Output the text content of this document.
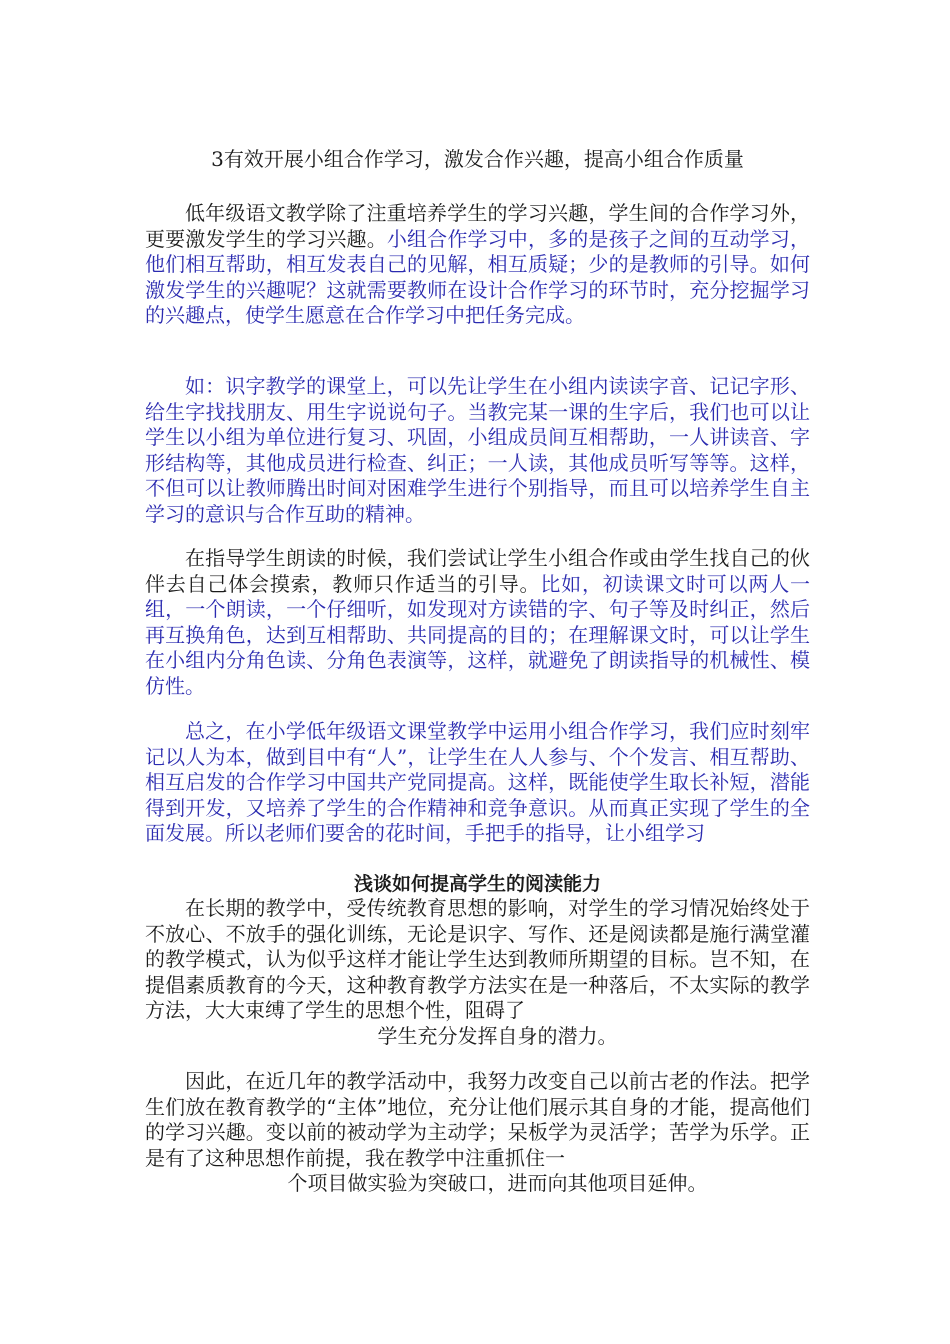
3有效开展小组合作学习，激发合作兴趣，提高小组合作质量
低年级语文教学除了注重培养学生的学习兴趣，学生间的合作学习外，更要激发学生的学习兴趣。小组合作学习中，多的是孩子之间的互动学习，他们相互帮助，相互发表自己的见解，相互质疑；少的是教师的引导。如何激发学生的兴趣呢？这就需要教师在设计合作学习的环节时，充分挖掘学习的兴趣点，使学生愿意在合作学习中把任务完成。
如：识字教学的课堂上，可以先让学生在小组内读读字音、记记字形、给生字找找朋友、用生字说说句子。当教完某一课的生字后，我们也可以让学生以小组为单位进行复习、巩固，小组成员间互相帮助，一人讲读音、字形结构等，其他成员进行检查、纠正；一人读，其他成员听写等等。这样，不但可以让教师腾出时间对困难学生进行个别指导，而且可以培养学生自主学习的意识与合作互助的精神。
在指导学生朗读的时候，我们尝试让学生小组合作或由学生找自己的伙伴去自己体会摸索，教师只作适当的引导。比如，初读课文时可以两人一组，一个朗读，一个仔细听，如发现对方读错的字、句子等及时纠正，然后再互换角色，达到互相帮助、共同提高的目的；在理解课文时，可以让学生在小组内分角色读、分角色表演等，这样，就避免了朗读指导的机械性、模仿性。
总之，在小学低年级语文课堂教学中运用小组合作学习，我们应时刻牢记以人为本，做到目中有“人”，让学生在人人参与、个个发言、相互帮助、相互启发的合作学习中国共产党同提高。这样，既能使学生取长补短，潜能得到开发，又培养了学生的合作精神和竞争意识。从而真正实现了学生的全面发展。所以老师们要舍的花时间，手把手的指导，让小组学习
浅谈如何提高学生的阅渎能力
在长期的教学中，受传统教育思想的影响，对学生的学习情况始终处于不放心、不放手的强化训练，无论是识字、写作、还是阅读都是施行满堂灌的教学模式，认为似乎这样才能让学生达到教师所期望的目标。岂不知，在提倡素质教育的今天，这种教育教学方法实在是一种落后，不太实际的教学方法，大大束缚了学生的思想个性，阻碍了
学生充分发挥自身的潜力。
因此，在近几年的教学活动中，我努力改变自己以前古老的作法。把学生们放在教育教学的“主体”地位，充分让他们展示其自身的才能，提高他们的学习兴趣。变以前的被动学为主动学；呆板学为灵活学；苦学为乐学。正是有了这种思想作前提，我在教学中注重抓住一
个项目做实验为突破口，进而向其他项目延伸。
